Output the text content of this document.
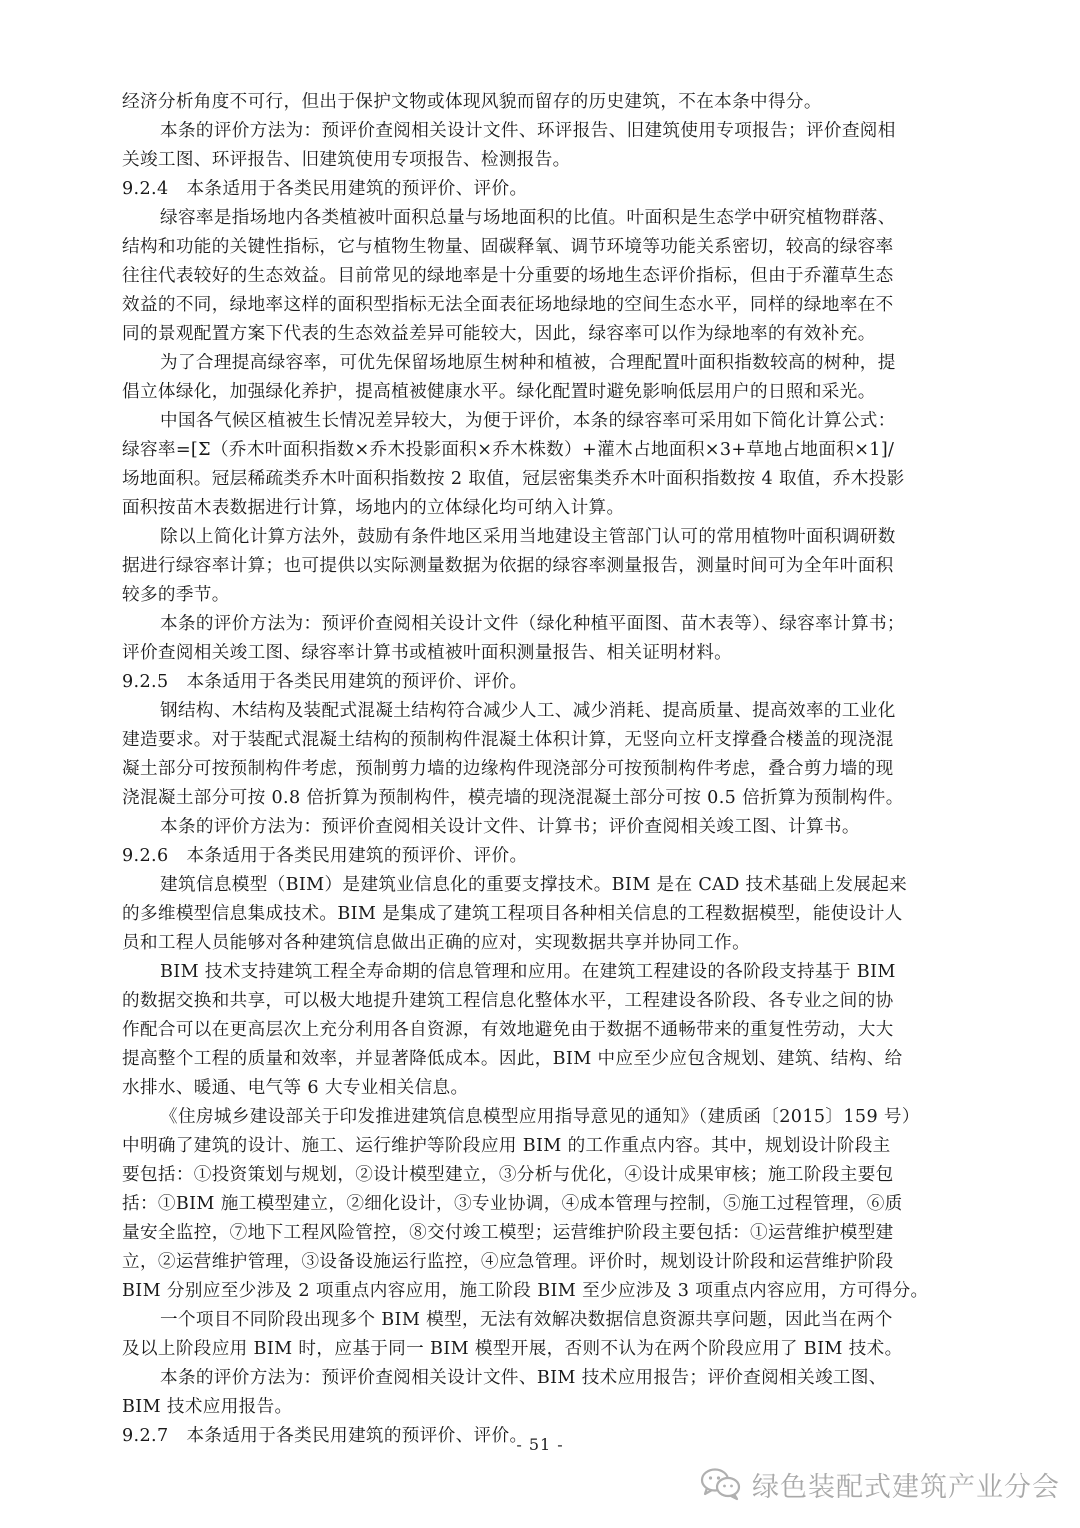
经济分析角度不可行，但出于保护文物或体现风貌而留存的历史建筑，不在本条中得分。
本条的评价方法为：预评价查阅相关设计文件、环评报告、旧建筑使用专项报告；评价查阅相
关竣工图、环评报告、旧建筑使用专项报告、检测报告。
9.2.4　本条适用于各类民用建筑的预评价、评价。
绿容率是指场地内各类植被叶面积总量与场地面积的比值。叶面积是生态学中研究植物群落、
结构和功能的关键性指标，它与植物生物量、固碳释氧、调节环境等功能关系密切，较高的绿容率
往往代表较好的生态效益。目前常见的绿地率是十分重要的场地生态评价指标，但由于乔灌草生态
效益的不同，绿地率这样的面积型指标无法全面表征场地绿地的空间生态水平，同样的绿地率在不
同的景观配置方案下代表的生态效益差异可能较大，因此，绿容率可以作为绿地率的有效补充。
为了合理提高绿容率，可优先保留场地原生树种和植被，合理配置叶面积指数较高的树种，提
倡立体绿化，加强绿化养护，提高植被健康水平。绿化配置时避免影响低层用户的日照和采光。
中国各气候区植被生长情况差异较大，为便于评价，本条的绿容率可采用如下简化计算公式：
绿容率=[Σ（乔木叶面积指数×乔木投影面积×乔木株数）+灌木占地面积×3+草地占地面积×1]/
场地面积。冠层稀疏类乔木叶面积指数按 2 取值，冠层密集类乔木叶面积指数按 4 取值，乔木投影
面积按苗木表数据进行计算，场地内的立体绿化均可纳入计算。
除以上简化计算方法外，鼓励有条件地区采用当地建设主管部门认可的常用植物叶面积调研数
据进行绿容率计算；也可提供以实际测量数据为依据的绿容率测量报告，测量时间可为全年叶面积
较多的季节。
本条的评价方法为：预评价查阅相关设计文件（绿化种植平面图、苗木表等）、绿容率计算书；
评价查阅相关竣工图、绿容率计算书或植被叶面积测量报告、相关证明材料。
9.2.5　本条适用于各类民用建筑的预评价、评价。
钢结构、木结构及装配式混凝土结构符合减少人工、减少消耗、提高质量、提高效率的工业化
建造要求。对于装配式混凝土结构的预制构件混凝土体积计算，无竖向立杆支撑叠合楼盖的现浇混
凝土部分可按预制构件考虑，预制剪力墙的边缘构件现浇部分可按预制构件考虑，叠合剪力墙的现
浇混凝土部分可按 0.8 倍折算为预制构件，模壳墙的现浇混凝土部分可按 0.5 倍折算为预制构件。
本条的评价方法为：预评价查阅相关设计文件、计算书；评价查阅相关竣工图、计算书。
9.2.6　本条适用于各类民用建筑的预评价、评价。
建筑信息模型（BIM）是建筑业信息化的重要支撑技术。BIM 是在 CAD 技术基础上发展起来
的多维模型信息集成技术。BIM 是集成了建筑工程项目各种相关信息的工程数据模型，能使设计人
员和工程人员能够对各种建筑信息做出正确的应对，实现数据共享并协同工作。
BIM 技术支持建筑工程全寿命期的信息管理和应用。在建筑工程建设的各阶段支持基于 BIM
的数据交换和共享，可以极大地提升建筑工程信息化整体水平，工程建设各阶段、各专业之间的协
作配合可以在更高层次上充分利用各自资源，有效地避免由于数据不通畅带来的重复性劳动，大大
提高整个工程的质量和效率，并显著降低成本。因此，BIM 中应至少应包含规划、建筑、结构、给
水排水、暖通、电气等 6 大专业相关信息。
《住房城乡建设部关于印发推进建筑信息模型应用指导意见的通知》（建质函〔2015〕159 号）
中明确了建筑的设计、施工、运行维护等阶段应用 BIM 的工作重点内容。其中，规划设计阶段主
要包括：①投资策划与规划，②设计模型建立，③分析与优化，④设计成果审核；施工阶段主要包
括：①BIM 施工模型建立，②细化设计，③专业协调，④成本管理与控制，⑤施工过程管理，⑥质
量安全监控，⑦地下工程风险管控，⑧交付竣工模型；运营维护阶段主要包括：①运营维护模型建
立，②运营维护管理，③设备设施运行监控，④应急管理。评价时，规划设计阶段和运营维护阶段
BIM 分别应至少涉及 2 项重点内容应用，施工阶段 BIM 至少应涉及 3 项重点内容应用，方可得分。
一个项目不同阶段出现多个 BIM 模型，无法有效解决数据信息资源共享问题，因此当在两个
及以上阶段应用 BIM 时，应基于同一 BIM 模型开展，否则不认为在两个阶段应用了 BIM 技术。
本条的评价方法为：预评价查阅相关设计文件、BIM 技术应用报告；评价查阅相关竣工图、
BIM 技术应用报告。
9.2.7　本条适用于各类民用建筑的预评价、评价。
- 51 -
绿色装配式建筑产业分会
